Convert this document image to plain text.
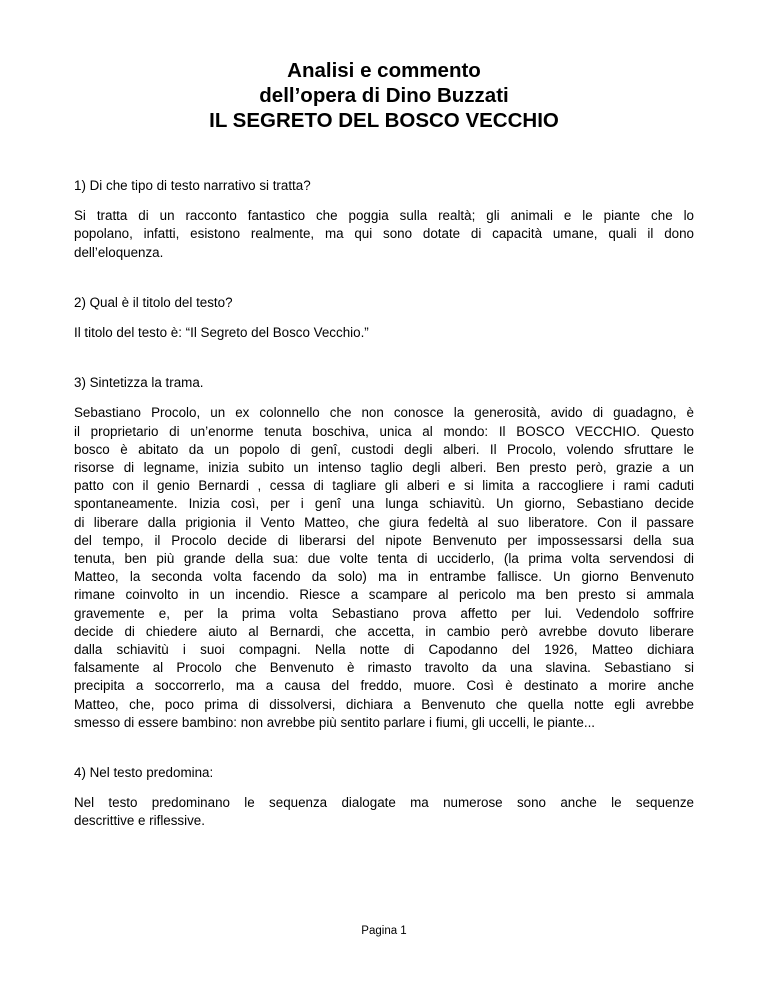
Analisi e commento
dell’opera di Dino Buzzati
IL SEGRETO DEL BOSCO VECCHIO

1) Di che tipo di testo narrativo si tratta?

Si tratta di un racconto fantastico che poggia sulla realtà; gli animali e le piante che lo
popolano, infatti, esistono realmente, ma qui sono dotate di capacità umane, quali il dono
dell’eloquenza.

2) Qual è il titolo del testo?

Il titolo del testo è: “Il Segreto del Bosco Vecchio.”

3) Sintetizza la trama.

Sebastiano Procolo, un ex colonnello che non conosce la generosità, avido di guadagno, è
il proprietario di un’enorme tenuta boschiva, unica al mondo: Il BOSCO VECCHIO. Questo
bosco è abitato da un popolo di genî, custodi degli alberi. Il Procolo, volendo sfruttare le
risorse di legname, inizia subito un intenso taglio degli alberi. Ben presto però, grazie a un
patto con il genio Bernardi , cessa di tagliare gli alberi e si limita a raccogliere i rami caduti
spontaneamente. Inizia così, per i genî una lunga schiavitù. Un giorno, Sebastiano decide
di liberare dalla prigionia il Vento Matteo, che giura fedeltà al suo liberatore. Con il passare
del tempo, il Procolo decide di liberarsi del nipote Benvenuto per impossessarsi della sua
tenuta, ben più grande della sua: due volte tenta di ucciderlo, (la prima volta servendosi di
Matteo, la seconda volta facendo da solo) ma in entrambe fallisce. Un giorno Benvenuto
rimane coinvolto in un incendio. Riesce a scampare al pericolo ma ben presto si ammala
gravemente e, per la prima volta Sebastiano prova affetto per lui. Vedendolo soffrire
decide di chiedere aiuto al Bernardi, che accetta, in cambio però avrebbe dovuto liberare
dalla schiavitù i suoi compagni. Nella notte di Capodanno del 1926, Matteo dichiara
falsamente al Procolo che Benvenuto è rimasto travolto da una slavina. Sebastiano si
precipita a soccorrerlo, ma a causa del freddo, muore. Così è destinato a morire anche
Matteo, che, poco prima di dissolversi, dichiara a Benvenuto che quella notte egli avrebbe
smesso di essere bambino: non avrebbe più sentito parlare i fiumi, gli uccelli, le piante...

4) Nel testo predomina:

Nel testo predominano le sequenza dialogate ma numerose sono anche le sequenze
descrittive e riflessive.

Pagina 1
